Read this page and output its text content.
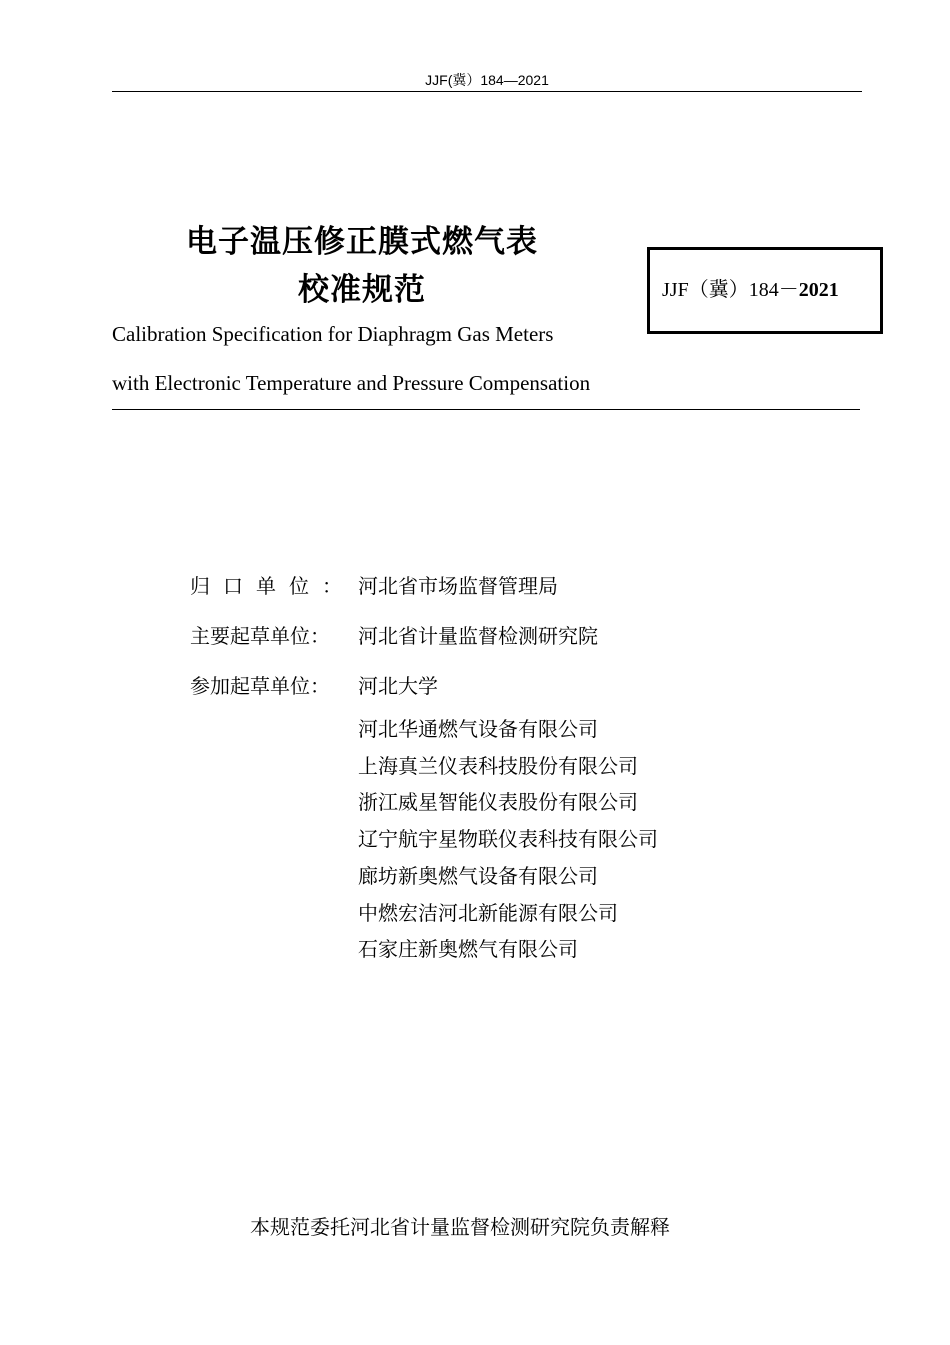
JJF(冀）184—2021
电子温压修正膜式燃气表
校准规范	JJF（冀）184－2021
Calibration Specification for Diaphragm Gas Meters
with Electronic Temperature and Pressure Compensation
归口单位： 河北省市场监督管理局
主要起草单位： 河北省计量监督检测研究院
参加起草单位： 河北大学
河北华通燃气设备有限公司
上海真兰仪表科技股份有限公司
浙江威星智能仪表股份有限公司
辽宁航宇星物联仪表科技有限公司
廊坊新奥燃气设备有限公司
中燃宏洁河北新能源有限公司
石家庄新奥燃气有限公司
本规范委托河北省计量监督检测研究院负责解释
